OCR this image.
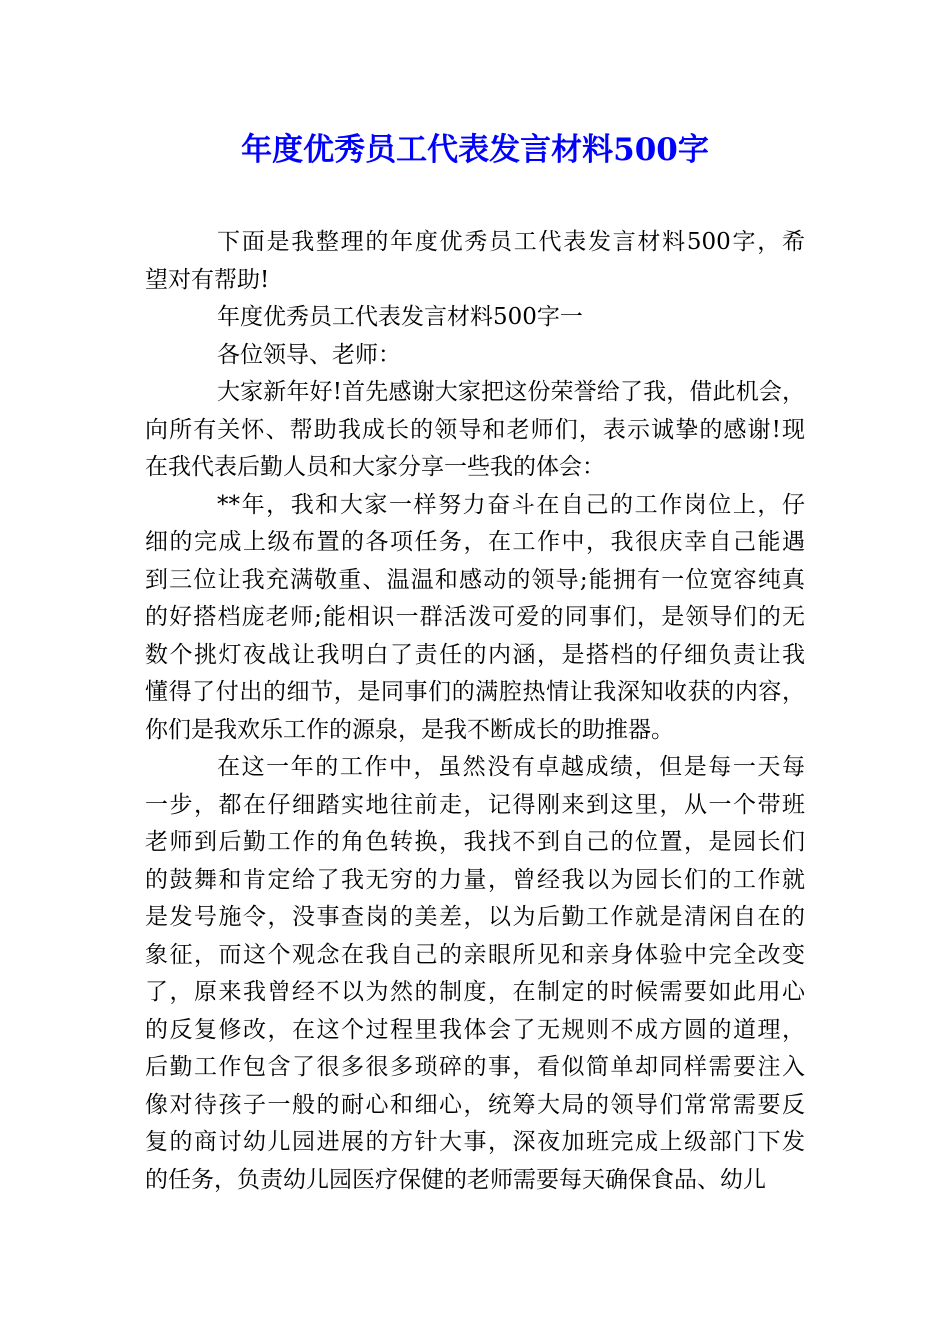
年度优秀员工代表发言材料500字
下面是我整理的年度优秀员工代表发言材料500字，希
望对有帮助!
年度优秀员工代表发言材料500字一
各位领导、老师：
大家新年好!首先感谢大家把这份荣誉给了我，借此机会，
向所有关怀、帮助我成长的领导和老师们，表示诚挚的感谢!现
在我代表后勤人员和大家分享一些我的体会：
**年，我和大家一样努力奋斗在自己的工作岗位上，仔
细的完成上级布置的各项任务，在工作中，我很庆幸自己能遇
到三位让我充满敬重、温温和感动的领导;能拥有一位宽容纯真
的好搭档庞老师;能相识一群活泼可爱的同事们，是领导们的无
数个挑灯夜战让我明白了责任的内涵，是搭档的仔细负责让我
懂得了付出的细节，是同事们的满腔热情让我深知收获的内容，
你们是我欢乐工作的源泉，是我不断成长的助推器。
在这一年的工作中，虽然没有卓越成绩，但是每一天每
一步，都在仔细踏实地往前走，记得刚来到这里，从一个带班
老师到后勤工作的角色转换，我找不到自己的位置，是园长们
的鼓舞和肯定给了我无穷的力量，曾经我以为园长们的工作就
是发号施令，没事查岗的美差，以为后勤工作就是清闲自在的
象征，而这个观念在我自己的亲眼所见和亲身体验中完全改变
了，原来我曾经不以为然的制度，在制定的时候需要如此用心
的反复修改，在这个过程里我体会了无规则不成方圆的道理，
后勤工作包含了很多很多琐碎的事，看似简单却同样需要注入
像对待孩子一般的耐心和细心，统筹大局的领导们常常需要反
复的商讨幼儿园进展的方针大事，深夜加班完成上级部门下发
的任务，负责幼儿园医疗保健的老师需要每天确保食品、幼儿
